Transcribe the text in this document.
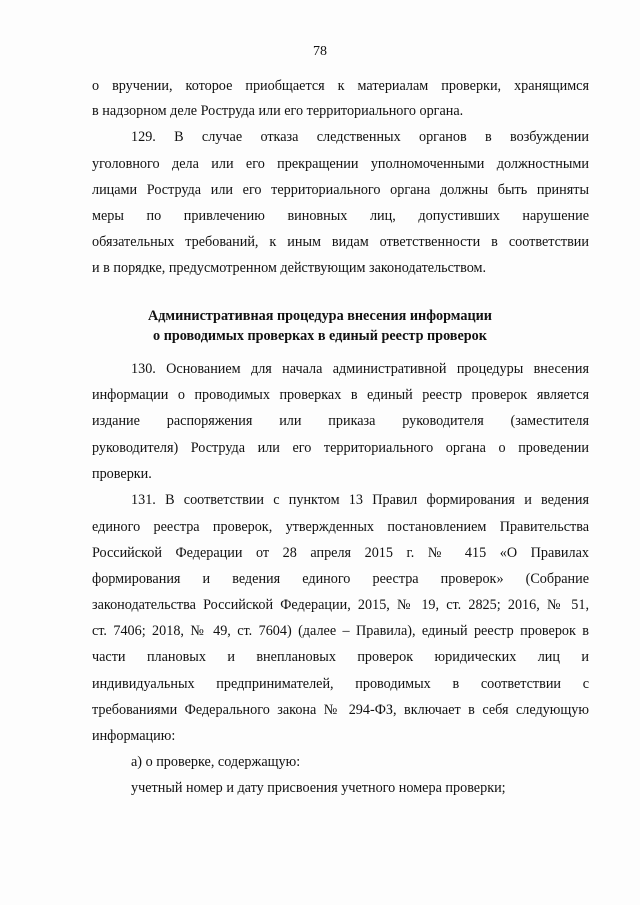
78
о вручении, которое приобщается к материалам проверки, хранящимся
в надзорном деле Роструда или его территориального органа.
129. В случае отказа следственных органов в возбуждении
уголовного дела или его прекращении уполномоченными должностными
лицами Роструда или его территориального органа должны быть приняты
меры по привлечению виновных лиц, допустивших нарушение
обязательных требований, к иным видам ответственности в соответствии
и в порядке, предусмотренном действующим законодательством.
Административная процедура внесения информации
о проводимых проверках в единый реестр проверок
130. Основанием для начала административной процедуры внесения
информации о проводимых проверках в единый реестр проверок является
издание распоряжения или приказа руководителя (заместителя
руководителя) Роструда или его территориального органа о проведении
проверки.
131. В соответствии с пунктом 13 Правил формирования и ведения
единого реестра проверок, утвержденных постановлением Правительства
Российской Федерации от 28 апреля 2015 г. № 415 «О Правилах
формирования и ведения единого реестра проверок» (Собрание
законодательства Российской Федерации, 2015, № 19, ст. 2825; 2016, № 51,
ст. 7406; 2018, № 49, ст. 7604) (далее – Правила), единый реестр проверок в
части плановых и внеплановых проверок юридических лиц и
индивидуальных предпринимателей, проводимых в соответствии с
требованиями Федерального закона № 294-ФЗ, включает в себя следующую
информацию:
а) о проверке, содержащую:
учетный номер и дату присвоения учетного номера проверки;
